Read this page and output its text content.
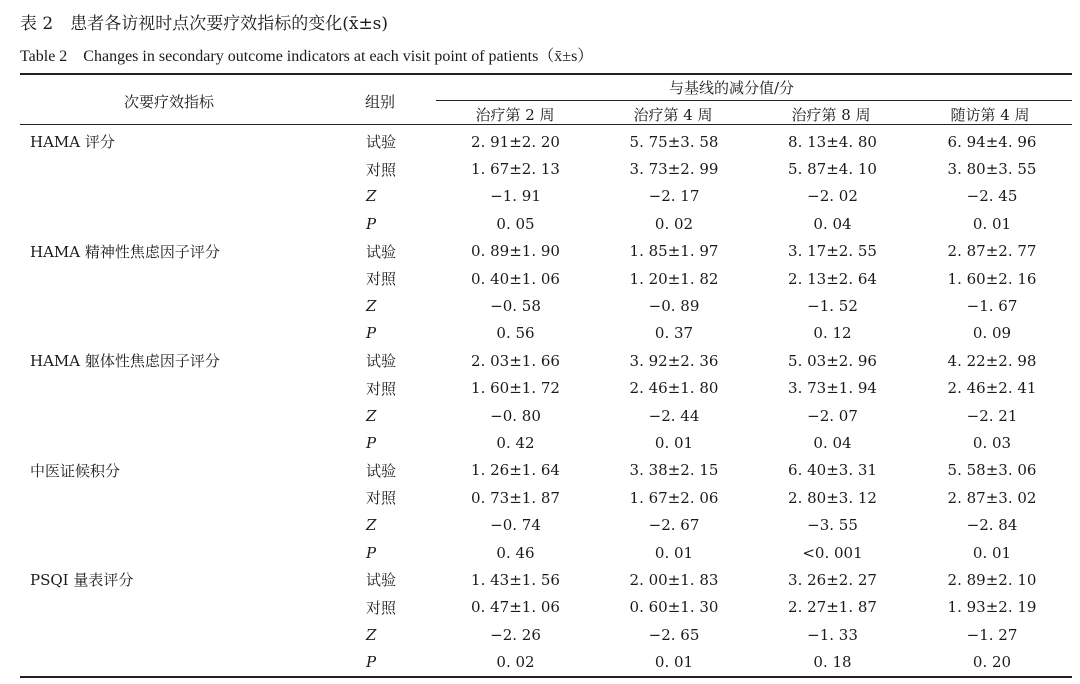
表 2　患者各访视时点次要疗效指标的变化(x̄±s)
Table 2　Changes in secondary outcome indicators at each visit point of patients（x̄±s）
次要疗效指标	组别
与基线的减分值/分
治疗第 2 周	治疗第 4 周	治疗第 8 周	随访第 4 周
HAMA 评分	试验	2. 91±2. 20	5. 75±3. 58	8. 13±4. 80	6. 94±4. 96
	对照	1. 67±2. 13	3. 73±2. 99	5. 87±4. 10	3. 80±3. 55
	Z	−1. 91	−2. 17	−2. 02	−2. 45
	P	0. 05	0. 02	0. 04	0. 01
HAMA 精神性焦虑因子评分	试验	0. 89±1. 90	1. 85±1. 97	3. 17±2. 55	2. 87±2. 77
	对照	0. 40±1. 06	1. 20±1. 82	2. 13±2. 64	1. 60±2. 16
	Z	−0. 58	−0. 89	−1. 52	−1. 67
	P	0. 56	0. 37	0. 12	0. 09
HAMA 躯体性焦虑因子评分	试验	2. 03±1. 66	3. 92±2. 36	5. 03±2. 96	4. 22±2. 98
	对照	1. 60±1. 72	2. 46±1. 80	3. 73±1. 94	2. 46±2. 41
	Z	−0. 80	−2. 44	−2. 07	−2. 21
	P	0. 42	0. 01	0. 04	0. 03
中医证候积分	试验	1. 26±1. 64	3. 38±2. 15	6. 40±3. 31	5. 58±3. 06
	对照	0. 73±1. 87	1. 67±2. 06	2. 80±3. 12	2. 87±3. 02
	Z	−0. 74	−2. 67	−3. 55	−2. 84
	P	0. 46	0. 01	<0. 001	0. 01
PSQI 量表评分	试验	1. 43±1. 56	2. 00±1. 83	3. 26±2. 27	2. 89±2. 10
	对照	0. 47±1. 06	0. 60±1. 30	2. 27±1. 87	1. 93±2. 19
	Z	−2. 26	−2. 65	−1. 33	−1. 27
	P	0. 02	0. 01	0. 18	0. 20
